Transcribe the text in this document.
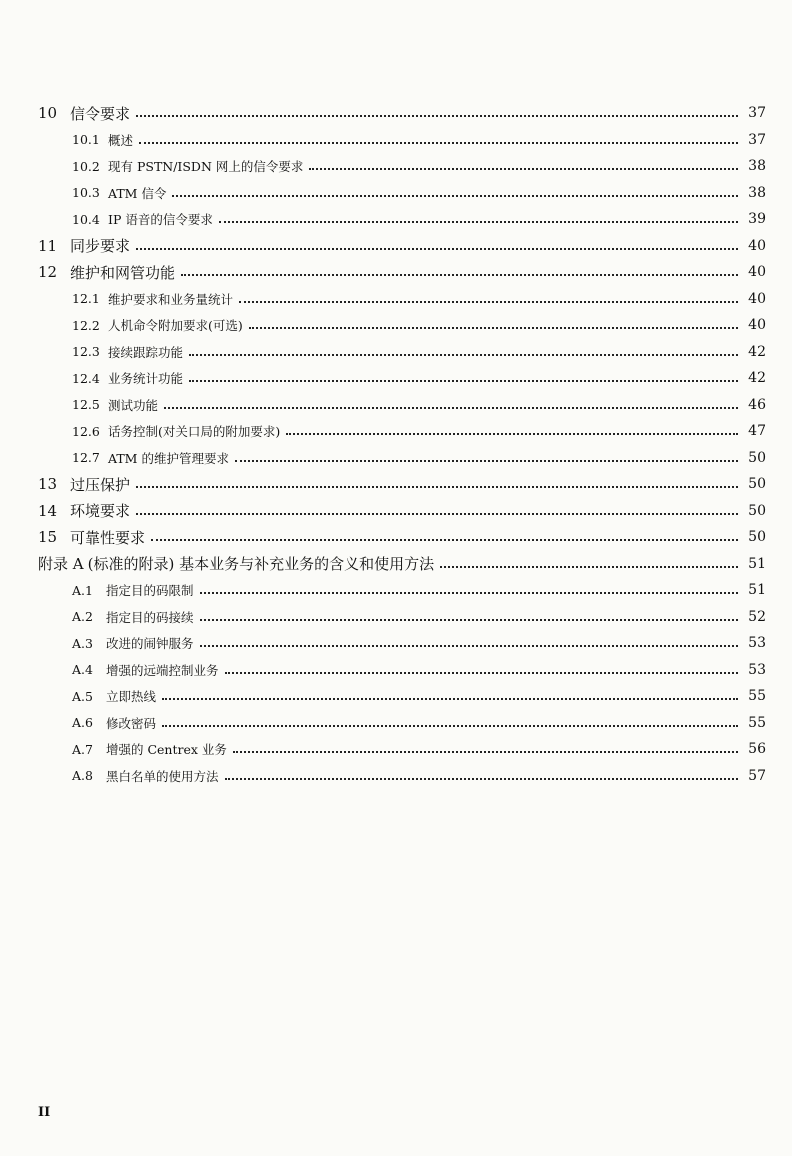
10 信令要求	37
10.1 概述	37
10.2 现有 PSTN/ISDN 网上的信令要求	38
10.3 ATM 信令	38
10.4 IP 语音的信令要求	39
11 同步要求	40
12 维护和网管功能	40
12.1 维护要求和业务量统计	40
12.2 人机命令附加要求(可选)	40
12.3 接续跟踪功能	42
12.4 业务统计功能	42
12.5 测试功能	46
12.6 话务控制(对关口局的附加要求)	47
12.7 ATM 的维护管理要求	50
13 过压保护	50
14 环境要求	50
15 可靠性要求	50
附录 A (标准的附录) 基本业务与补充业务的含义和使用方法	51
A.1	指定目的码限制	51
A.2	指定目的码接续	52
A.3	改进的闹钟服务	53
A.4	增强的远端控制业务	53
A.5	立即热线	55
A.6	修改密码	55
A.7	增强的 Centrex 业务	56
A.8	黑白名单的使用方法	57
II
